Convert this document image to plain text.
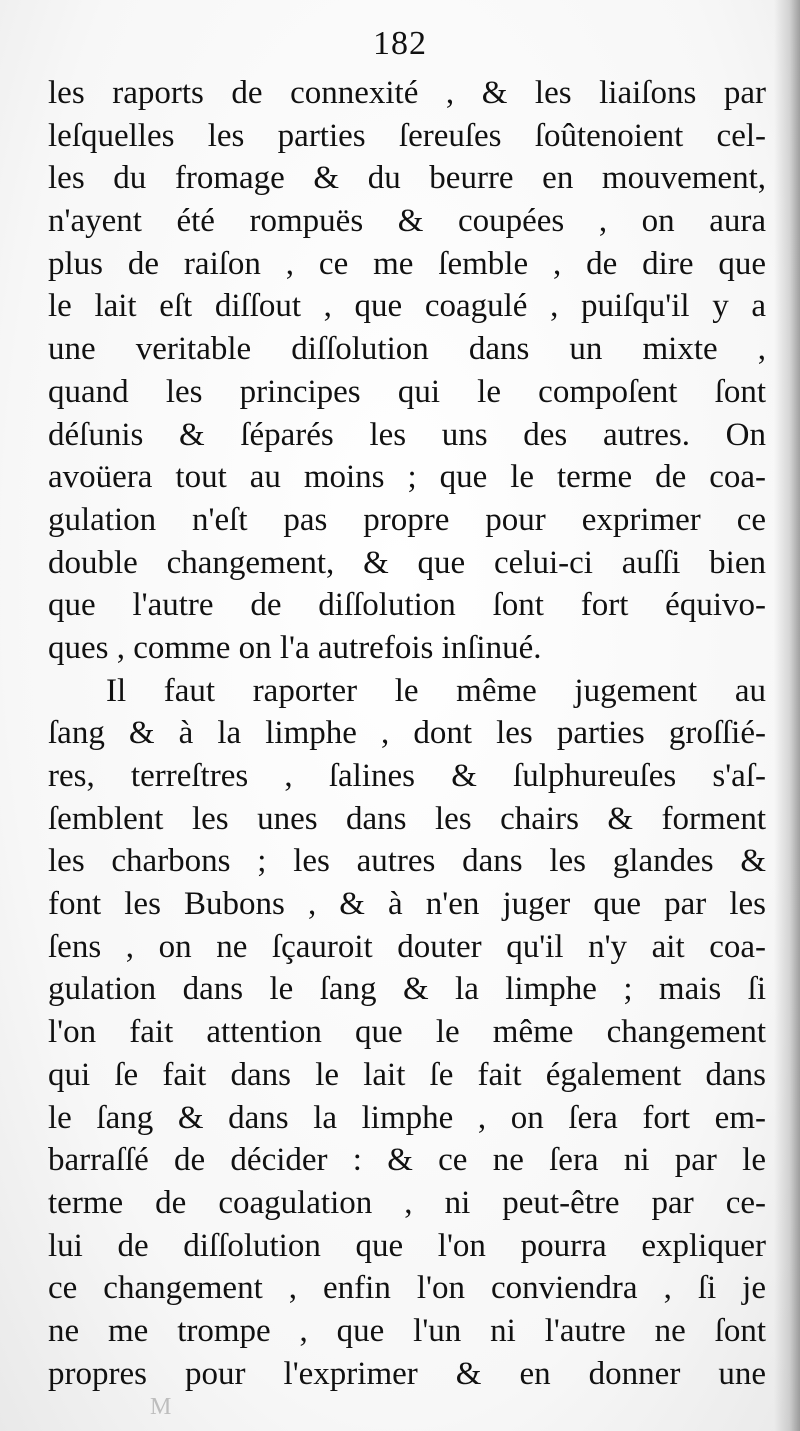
182
les raports de connexité , & les liaiſons par
leſquelles les parties ſereuſes ſoûtenoient cel-
les du fromage & du beurre en mouvement,
n'ayent été rompuës & coupées , on aura
plus de raiſon , ce me ſemble , de dire que
le lait eſt diſſout , que coagulé , puiſqu'il y a
une veritable diſſolution dans un mixte ,
quand les principes qui le compoſent ſont
déſunis & ſéparés les uns des autres. On
avoüera tout au moins ; que le terme de coa-
gulation n'eſt pas propre pour exprimer ce
double changement, & que celui-ci auſſi bien
que l'autre de diſſolution ſont fort équivo-
ques , comme on l'a autrefois inſinué.
Il faut raporter le même jugement au
ſang & à la limphe , dont les parties groſſié-
res, terreſtres , ſalines & ſulphureuſes s'aſ-
ſemblent les unes dans les chairs & forment
les charbons ; les autres dans les glandes &
font les Bubons , & à n'en juger que par les
ſens , on ne ſçauroit douter qu'il n'y ait coa-
gulation dans le ſang & la limphe ; mais ſi
l'on fait attention que le même changement
qui ſe fait dans le lait ſe fait également dans
le ſang & dans la limphe , on ſera fort em-
barraſſé de décider : & ce ne ſera ni par le
terme de coagulation , ni peut-être par ce-
lui de diſſolution que l'on pourra expliquer
ce changement , enfin l'on conviendra , ſi je
ne me trompe , que l'un ni l'autre ne ſont
propres pour l'exprimer & en donner une
M
